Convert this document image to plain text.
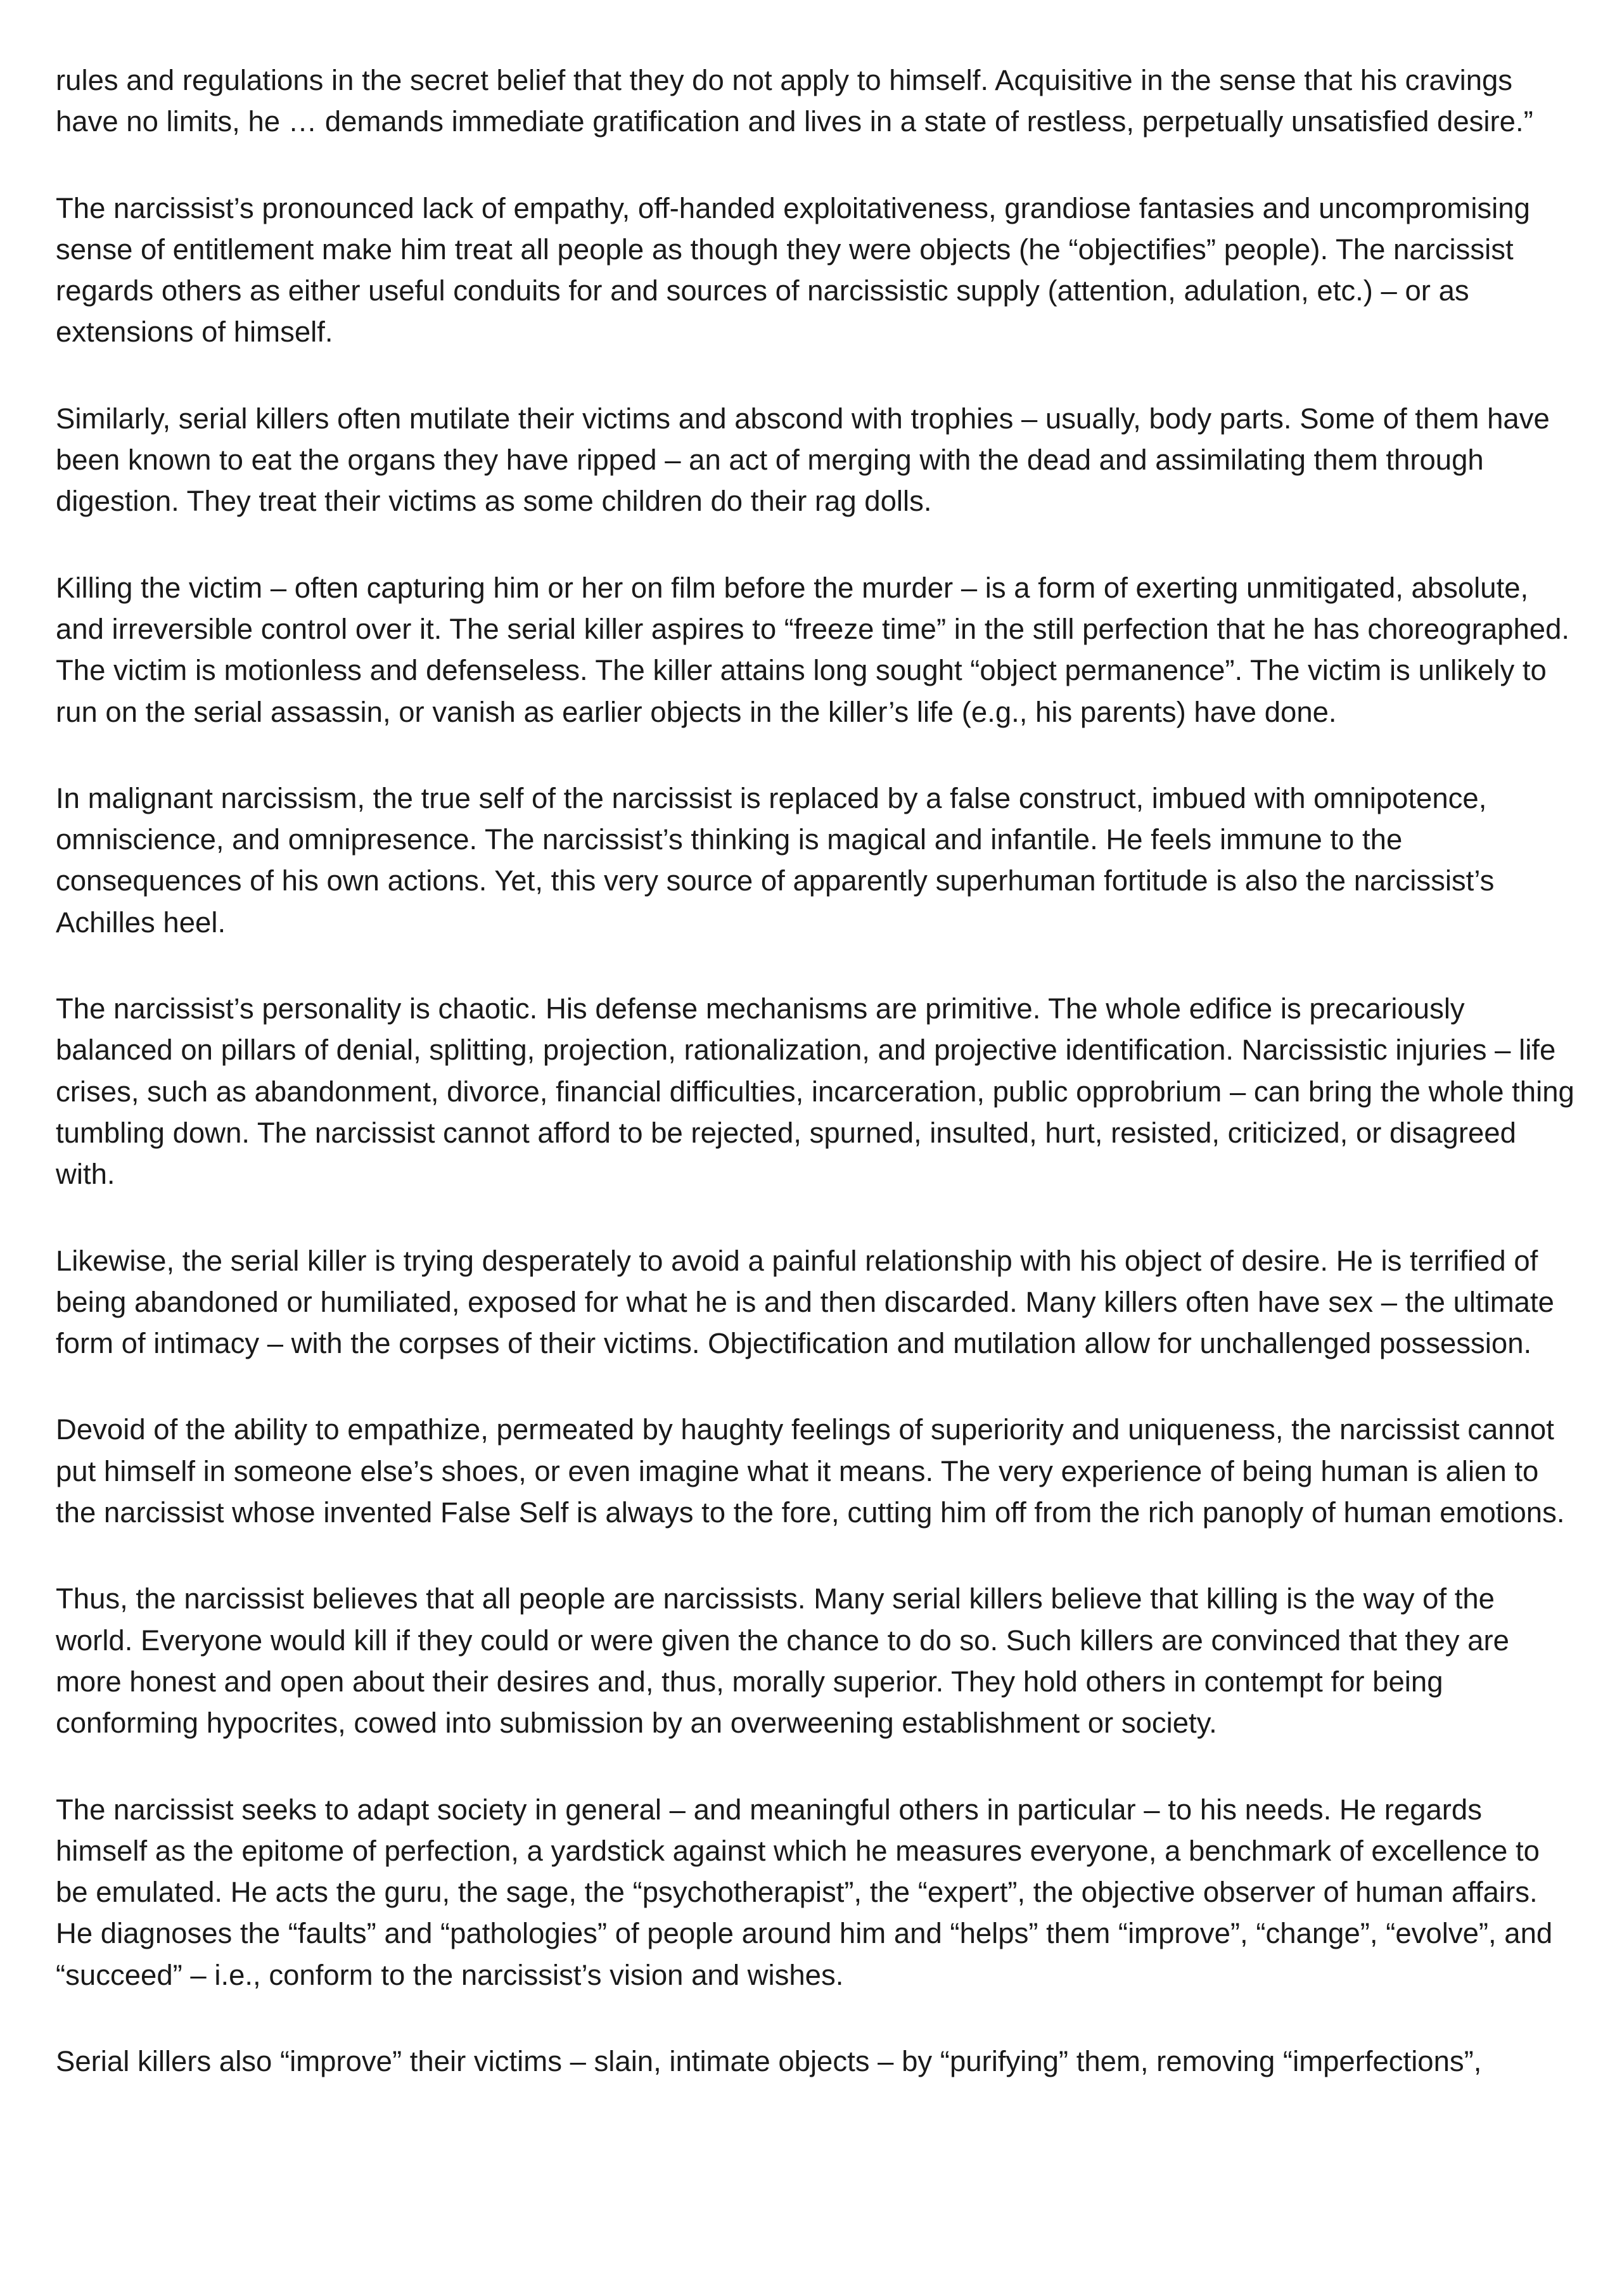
rules and regulations in the secret belief that they do not apply to himself. Acquisitive in the sense that his cravings have no limits, he … demands immediate gratification and lives in a state of restless, perpetually unsatisfied desire.”

The narcissist’s pronounced lack of empathy, off-handed exploitativeness, grandiose fantasies and uncompromising sense of entitlement make him treat all people as though they were objects (he “objectifies” people). The narcissist regards others as either useful conduits for and sources of narcissistic supply (attention, adulation, etc.) – or as extensions of himself.

Similarly, serial killers often mutilate their victims and abscond with trophies – usually, body parts. Some of them have been known to eat the organs they have ripped – an act of merging with the dead and assimilating them through digestion. They treat their victims as some children do their rag dolls.

Killing the victim – often capturing him or her on film before the murder – is a form of exerting unmitigated, absolute, and irreversible control over it. The serial killer aspires to “freeze time” in the still perfection that he has choreographed. The victim is motionless and defenseless. The killer attains long sought “object permanence”. The victim is unlikely to run on the serial assassin, or vanish as earlier objects in the killer’s life (e.g., his parents) have done.

In malignant narcissism, the true self of the narcissist is replaced by a false construct, imbued with omnipotence, omniscience, and omnipresence. The narcissist’s thinking is magical and infantile. He feels immune to the consequences of his own actions. Yet, this very source of apparently superhuman fortitude is also the narcissist’s Achilles heel.

The narcissist’s personality is chaotic. His defense mechanisms are primitive. The whole edifice is precariously balanced on pillars of denial, splitting, projection, rationalization, and projective identification. Narcissistic injuries – life crises, such as abandonment, divorce, financial difficulties, incarceration, public opprobrium – can bring the whole thing tumbling down. The narcissist cannot afford to be rejected, spurned, insulted, hurt, resisted, criticized, or disagreed with.

Likewise, the serial killer is trying desperately to avoid a painful relationship with his object of desire. He is terrified of being abandoned or humiliated, exposed for what he is and then discarded. Many killers often have sex – the ultimate form of intimacy – with the corpses of their victims. Objectification and mutilation allow for unchallenged possession.

Devoid of the ability to empathize, permeated by haughty feelings of superiority and uniqueness, the narcissist cannot put himself in someone else’s shoes, or even imagine what it means. The very experience of being human is alien to the narcissist whose invented False Self is always to the fore, cutting him off from the rich panoply of human emotions.

Thus, the narcissist believes that all people are narcissists. Many serial killers believe that killing is the way of the world. Everyone would kill if they could or were given the chance to do so. Such killers are convinced that they are more honest and open about their desires and, thus, morally superior. They hold others in contempt for being conforming hypocrites, cowed into submission by an overweening establishment or society.

The narcissist seeks to adapt society in general – and meaningful others in particular – to his needs. He regards himself as the epitome of perfection, a yardstick against which he measures everyone, a benchmark of excellence to be emulated. He acts the guru, the sage, the “psychotherapist”, the “expert”, the objective observer of human affairs. He diagnoses the “faults” and “pathologies” of people around him and “helps” them “improve”, “change”, “evolve”, and “succeed” – i.e., conform to the narcissist’s vision and wishes.

Serial killers also “improve” their victims – slain, intimate objects – by “purifying” them, removing “imperfections”,
